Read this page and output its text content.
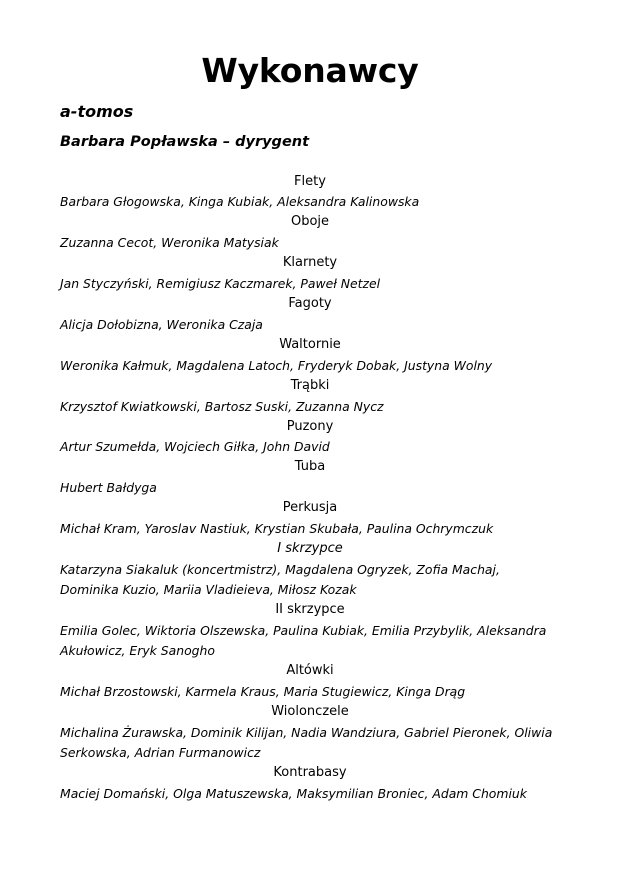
Wykonawcy
a-tomos
Barbara Popławska – dyrygent
Flety
Barbara Głogowska, Kinga Kubiak, Aleksandra Kalinowska
Oboje
Zuzanna Cecot, Weronika Matysiak
Klarnety
Jan Styczyński, Remigiusz Kaczmarek, Paweł Netzel
Fagoty
Alicja Dołobizna, Weronika Czaja
Waltornie
Weronika Kałmuk, Magdalena Latoch, Fryderyk Dobak, Justyna Wolny
Trąbki
Krzysztof Kwiatkowski, Bartosz Suski, Zuzanna Nycz
Puzony
Artur Szumełda, Wojciech Giłka, John David
Tuba
Hubert Bałdyga
Perkusja
Michał Kram, Yaroslav Nastiuk, Krystian Skubała, Paulina Ochrymczuk
I skrzypce
Katarzyna Siakaluk (koncertmistrz), Magdalena Ogryzek, Zofia Machaj, Dominika Kuzio, Mariia Vladieieva, Miłosz Kozak
II skrzypce
Emilia Golec, Wiktoria Olszewska, Paulina Kubiak, Emilia Przybylik, Aleksandra Akułowicz, Eryk Sanogho
Altówki
Michał Brzostowski, Karmela Kraus, Maria Stugiewicz, Kinga Drąg
Wiolonczele
Michalina Żurawska, Dominik Kilijan, Nadia Wandziura, Gabriel Pieronek, Oliwia Serkowska, Adrian Furmanowicz
Kontrabasy
Maciej Domański, Olga Matuszewska, Maksymilian Broniec, Adam Chomiuk
